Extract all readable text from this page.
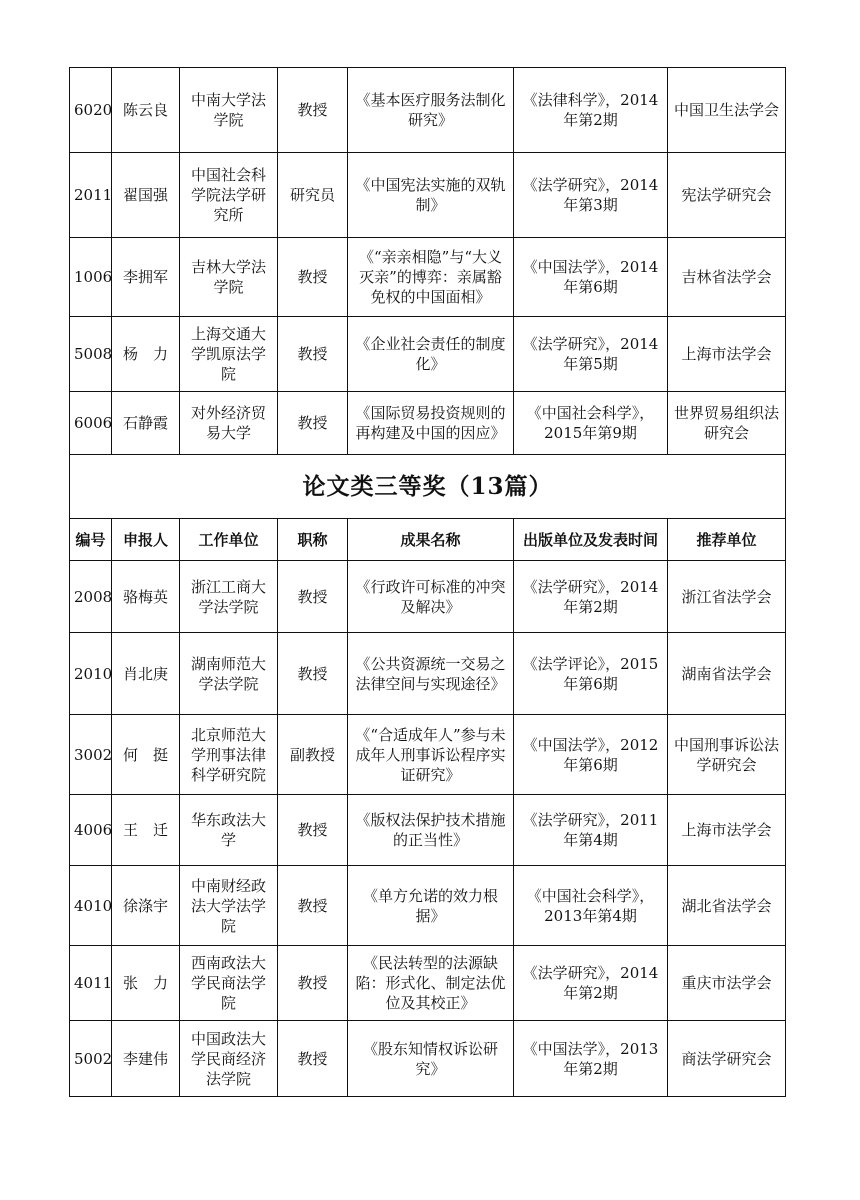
6020	陈云良	中南大学法学院	教授	《基本医疗服务法制化研究》	《法律科学》，2014年第2期	中国卫生法学会
2011	翟国强	中国社会科学院法学研究所	研究员	《中国宪法实施的双轨制》	《法学研究》，2014年第3期	宪法学研究会
1006	李拥军	吉林大学法学院	教授	《“亲亲相隐”与“大义灭亲”的博弈：亲属豁免权的中国面相》	《中国法学》，2014年第6期	吉林省法学会
5008	杨　力	上海交通大学凯原法学院	教授	《企业社会责任的制度化》	《法学研究》，2014年第5期	上海市法学会
6006	石静霞	对外经济贸易大学	教授	《国际贸易投资规则的再构建及中国的因应》	《中国社会科学》，2015年第9期	世界贸易组织法研究会
论文类三等奖（13篇）						
编号	申报人	工作单位	职称	成果名称	出版单位及发表时间	推荐单位
2008	骆梅英	浙江工商大学法学院	教授	《行政许可标准的冲突及解决》	《法学研究》，2014年第2期	浙江省法学会
2010	肖北庚	湖南师范大学法学院	教授	《公共资源统一交易之法律空间与实现途径》	《法学评论》，2015年第6期	湖南省法学会
3002	何　挺	北京师范大学刑事法律科学研究院	副教授	《“合适成年人”参与未成年人刑事诉讼程序实证研究》	《中国法学》，2012年第6期	中国刑事诉讼法学研究会
4006	王　迁	华东政法大学	教授	《版权法保护技术措施的正当性》	《法学研究》，2011年第4期	上海市法学会
4010	徐涤宇	中南财经政法大学法学院	教授	《单方允诺的效力根据》	《中国社会科学》，2013年第4期	湖北省法学会
4011	张　力	西南政法大学民商法学院	教授	《民法转型的法源缺陷：形式化、制定法优位及其校正》	《法学研究》，2014年第2期	重庆市法学会
5002	李建伟	中国政法大学民商经济法学院	教授	《股东知情权诉讼研究》	《中国法学》，2013年第2期	商法学研究会
